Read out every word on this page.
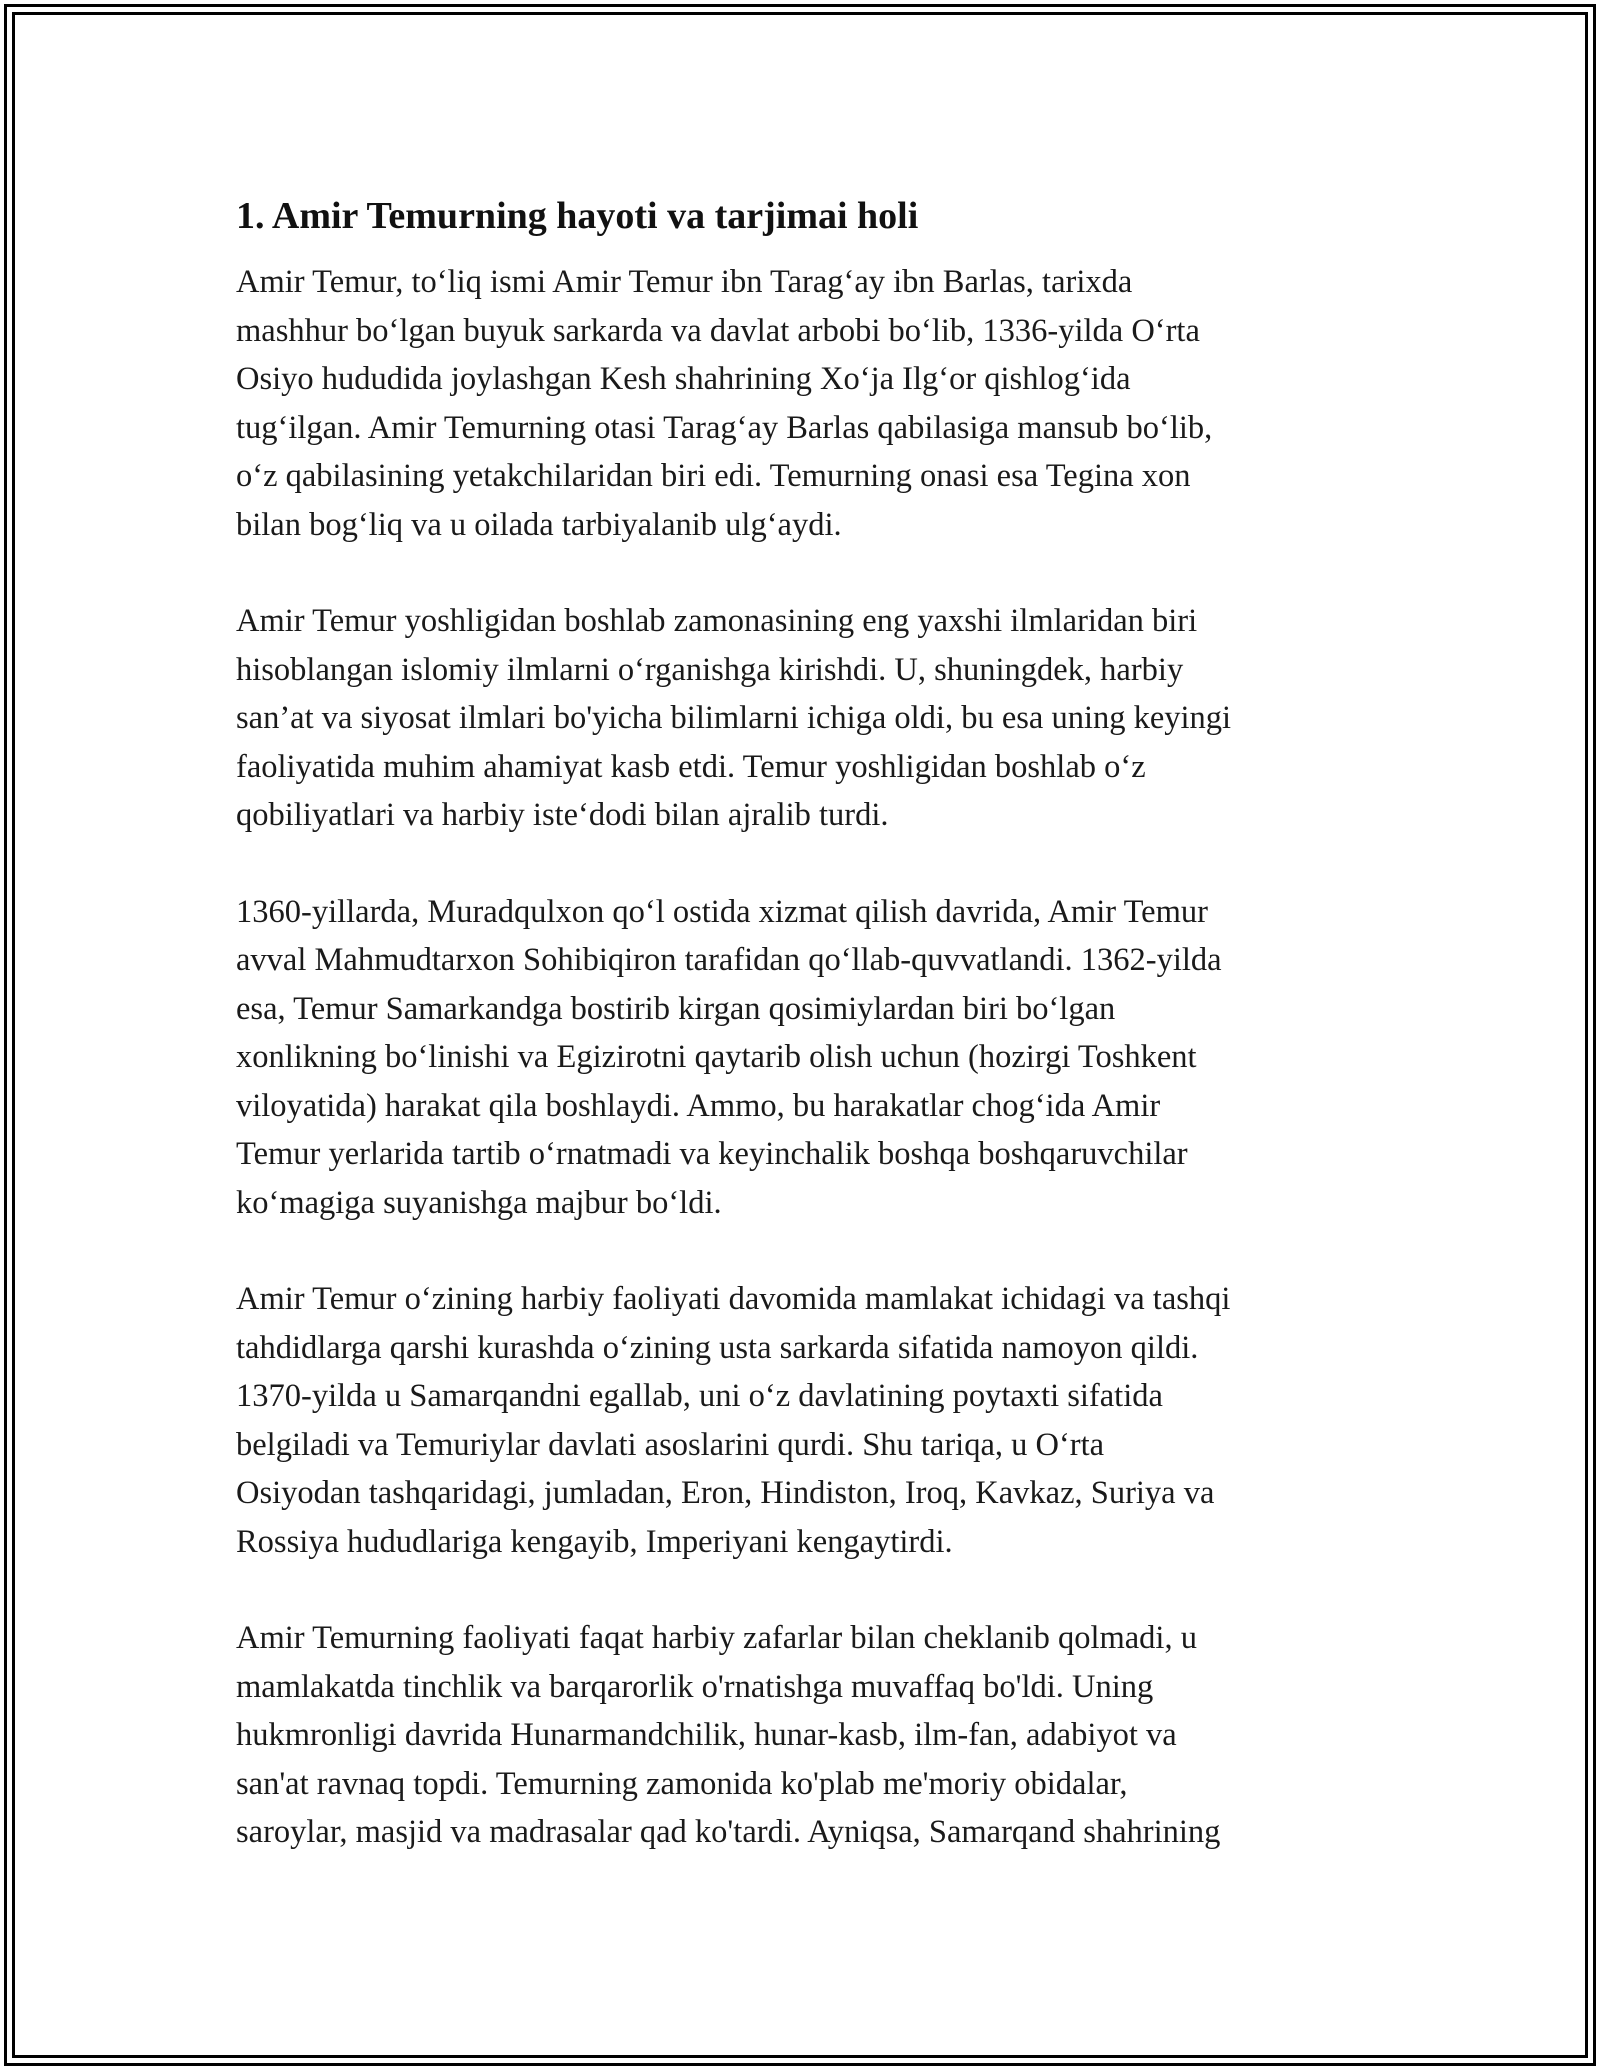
1. Amir Temurning hayoti va tarjimai holi

Amir Temur, to‘liq ismi Amir Temur ibn Tarag‘ay ibn Barlas, tarixda
mashhur bo‘lgan buyuk sarkarda va davlat arbobi bo‘lib, 1336-yilda O‘rta
Osiyo hududida joylashgan Kesh shahrining Xo‘ja Ilg‘or qishlog‘ida
tug‘ilgan. Amir Temurning otasi Tarag‘ay Barlas qabilasiga mansub bo‘lib,
o‘z qabilasining yetakchilaridan biri edi. Temurning onasi esa Tegina xon
bilan bog‘liq va u oilada tarbiyalanib ulg‘aydi.

Amir Temur yoshligidan boshlab zamonasining eng yaxshi ilmlaridan biri
hisoblangan islomiy ilmlarni o‘rganishga kirishdi. U, shuningdek, harbiy
san’at va siyosat ilmlari bo'yicha bilimlarni ichiga oldi, bu esa uning keyingi
faoliyatida muhim ahamiyat kasb etdi. Temur yoshligidan boshlab o‘z
qobiliyatlari va harbiy iste‘dodi bilan ajralib turdi.

1360-yillarda, Muradqulxon qo‘l ostida xizmat qilish davrida, Amir Temur
avval Mahmudtarxon Sohibiqiron tarafidan qo‘llab-quvvatlandi. 1362-yilda
esa, Temur Samarkandga bostirib kirgan qosimiylardan biri bo‘lgan
xonlikning bo‘linishi va Egizirotni qaytarib olish uchun (hozirgi Toshkent
viloyatida) harakat qila boshlaydi. Ammo, bu harakatlar chog‘ida Amir
Temur yerlarida tartib o‘rnatmadi va keyinchalik boshqa boshqaruvchilar
ko‘magiga suyanishga majbur bo‘ldi.

Amir Temur o‘zining harbiy faoliyati davomida mamlakat ichidagi va tashqi
tahdidlarga qarshi kurashda o‘zining usta sarkarda sifatida namoyon qildi.
1370-yilda u Samarqandni egallab, uni o‘z davlatining poytaxti sifatida
belgiladi va Temuriylar davlati asoslarini qurdi. Shu tariqa, u O‘rta
Osiyodan tashqaridagi, jumladan, Eron, Hindiston, Iroq, Kavkaz, Suriya va
Rossiya hududlariga kengayib, Imperiyani kengaytirdi.

Amir Temurning faoliyati faqat harbiy zafarlar bilan cheklanib qolmadi, u
mamlakatda tinchlik va barqarorlik o'rnatishga muvaffaq bo'ldi. Uning
hukmronligi davrida Hunarmandchilik, hunar-kasb, ilm-fan, adabiyot va
san'at ravnaq topdi. Temurning zamonida ko'plab me'moriy obidalar,
saroylar, masjid va madrasalar qad ko'tardi. Ayniqsa, Samarqand shahrining
